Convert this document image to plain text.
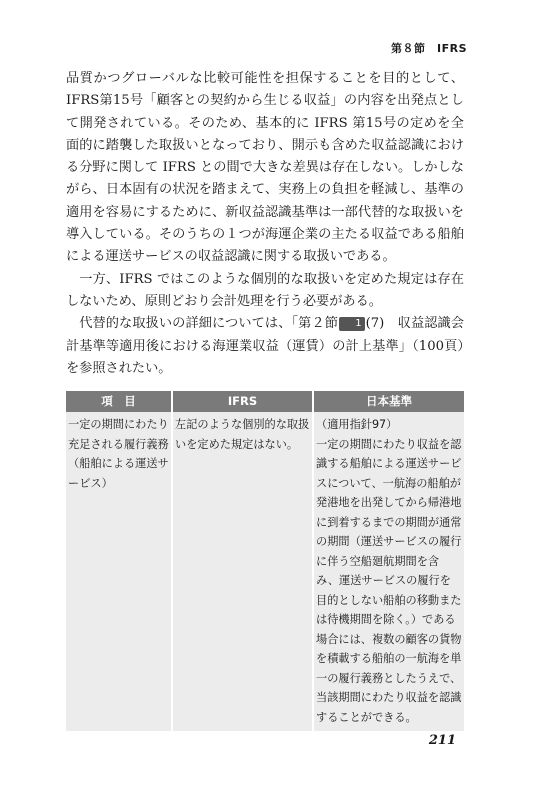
第８節　IFRS

品質かつグローバルな比較可能性を担保することを目的として、IFRS第15号「顧客との契約から生じる収益」の内容を出発点として開発されている。そのため、基本的に IFRS 第15号の定めを全面的に踏襲した取扱いとなっており、開示も含めた収益認識における分野に関して IFRS との間で大きな差異は存在しない。しかしながら、日本固有の状況を踏まえて、実務上の負担を軽減し、基準の適用を容易にするために、新収益認識基準は一部代替的な取扱いを導入している。そのうちの１つが海運企業の主たる収益である船舶による運送サービスの収益認識に関する取扱いである。

一方、IFRS ではこのような個別的な取扱いを定めた規定は存在しないため、原則どおり会計処理を行う必要がある。

代替的な取扱いの詳細については、「第２節 1 (7)　収益認識会計基準等適用後における海運業収益（運賃）の計上基準」（100頁）を参照されたい。

項　目	IFRS	日本基準
一定の期間にわたり充足される履行義務（船舶による運送サービス）	左記のような個別的な取扱いを定めた規定はない。	（適用指針97）
一定の期間にわたり収益を認識する船舶による運送サービスについて、一航海の船舶が発港地を出発してから帰港地に到着するまでの期間が通常の期間（運送サービスの履行に伴う空船廻航期間を含み、運送サービスの履行を目的としない船舶の移動または待機期間を除く。）である場合には、複数の顧客の貨物を積載する船舶の一航海を単一の履行義務としたうえで、当該期間にわたり収益を認識することができる。
211
